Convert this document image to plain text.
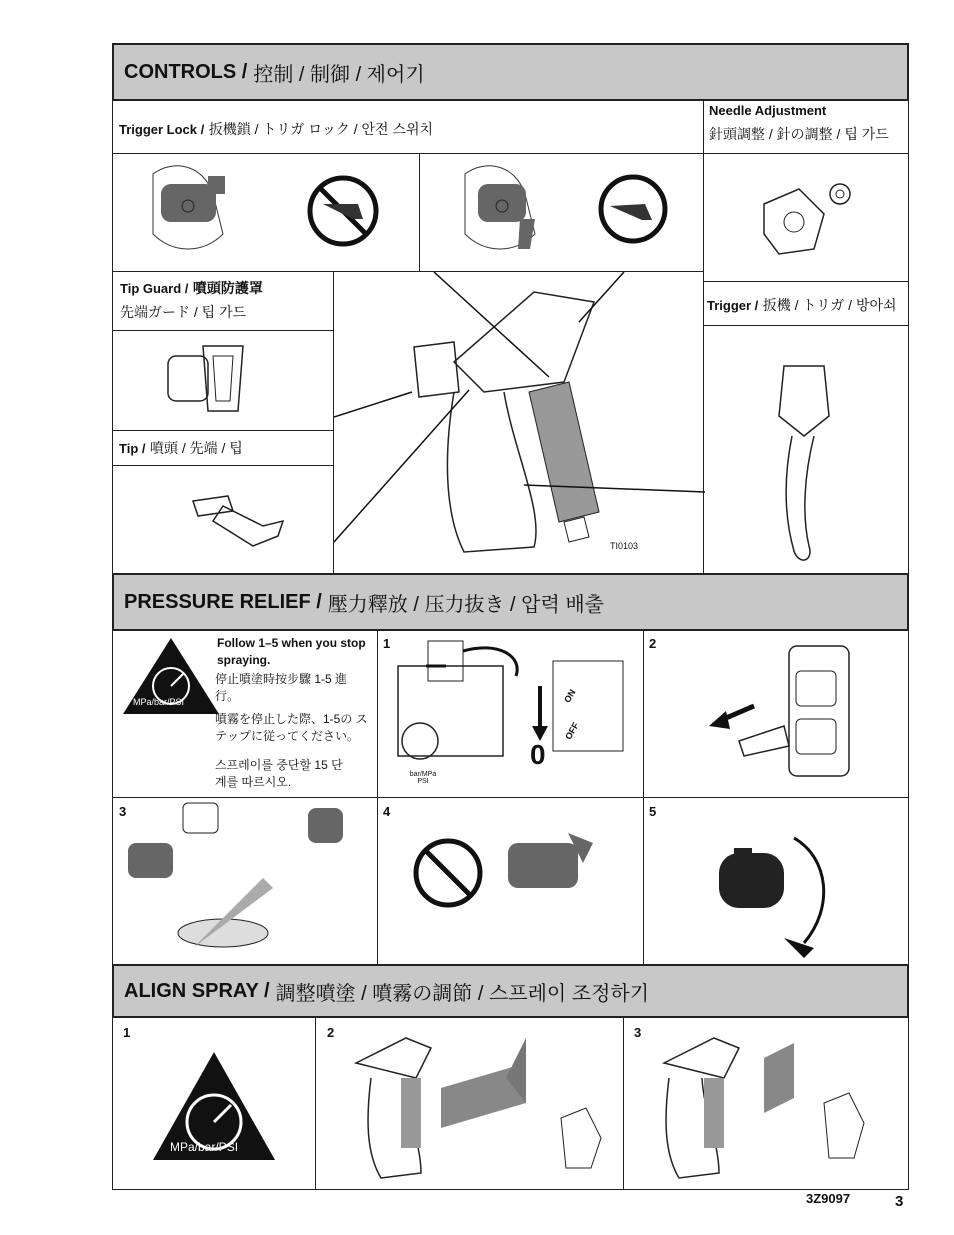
CONTROLS / 控制 / 制御 / 제어기
Trigger Lock / 扳機鎖 / トリガ ロック / 안전 스위치
Needle Adjustment
針頭調整 / 針の調整 / 팁 가드
Trigger / 扳機 / トリガ / 방아쇠
Tip Guard / 噴頭防護罩
先端ガード / 팁 가드
Tip / 噴頭 / 先端 / 팁
TI0103
PRESSURE RELIEF / 壓力釋放 / 压力抜き / 압력 배출
MPa/bar/PSI
Follow 1–5 when you stop spraying.
停止噴塗時按步驟 1-5 進行。
噴霧を停止した際、1-5の ステップに従ってください。
스프레이를 중단할 15 단계를 따르시오.
1
0
ON
OFF
bar/MPa PSI
2
3	4	5
ALIGN SPRAY / 調整噴塗 / 噴霧の調節 / 스프레이 조정하기
1
MPa/bar/PSI
2	3
3Z9097	3
